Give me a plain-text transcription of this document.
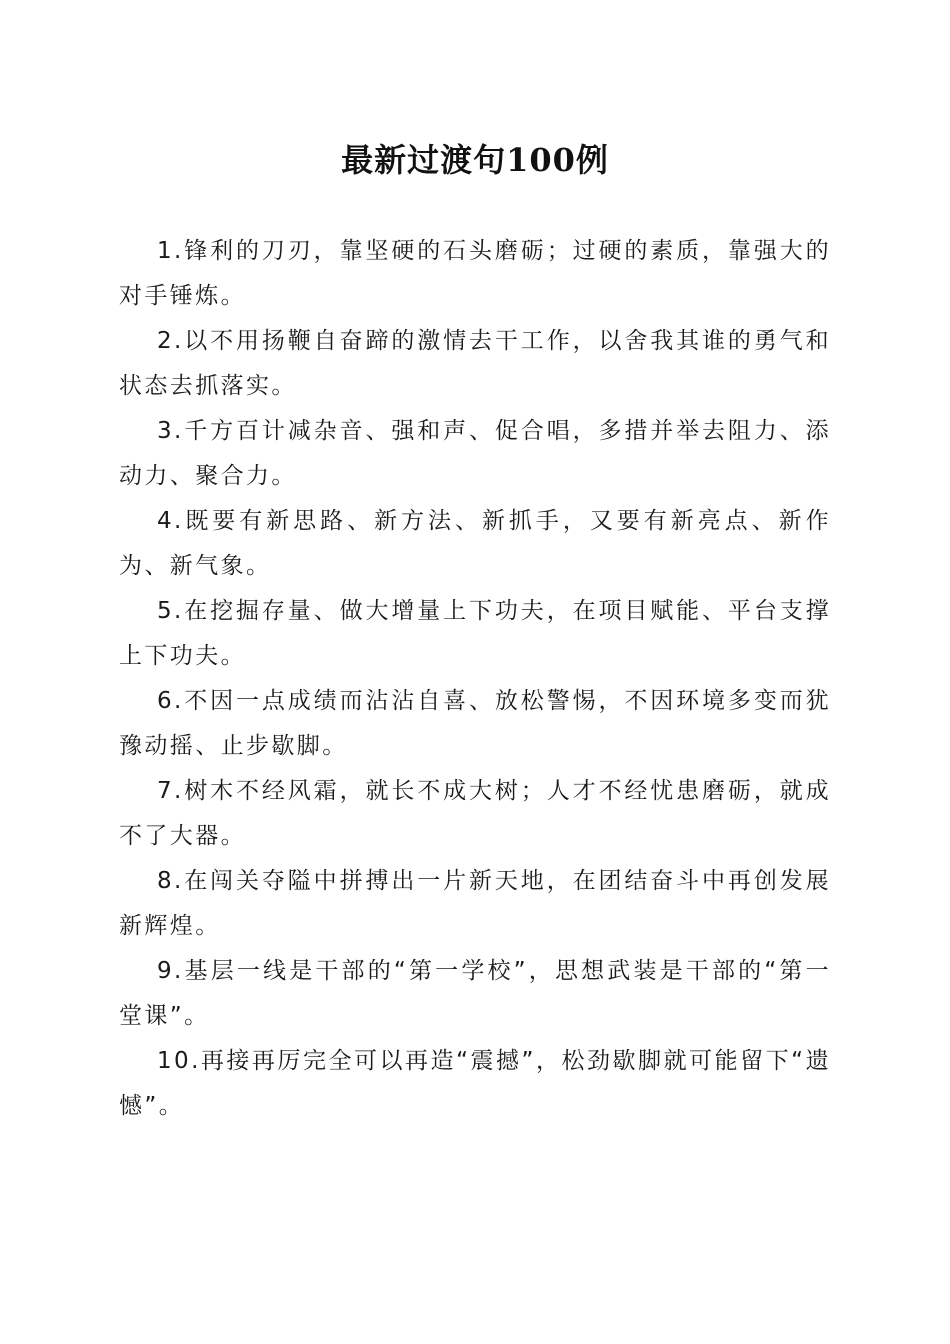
最新过渡句100例

1.锋利的刀刃，靠坚硬的石头磨砺；过硬的素质，靠强大的对手锤炼。

2.以不用扬鞭自奋蹄的激情去干工作，以舍我其谁的勇气和状态去抓落实。

3.千方百计减杂音、强和声、促合唱，多措并举去阻力、添动力、聚合力。

4.既要有新思路、新方法、新抓手，又要有新亮点、新作为、新气象。

5.在挖掘存量、做大增量上下功夫，在项目赋能、平台支撑上下功夫。

6.不因一点成绩而沾沾自喜、放松警惕，不因环境多变而犹豫动摇、止步歇脚。

7.树木不经风霜，就长不成大树；人才不经忧患磨砺，就成不了大器。

8.在闯关夺隘中拼搏出一片新天地，在团结奋斗中再创发展新辉煌。

9.基层一线是干部的“第一学校”，思想武装是干部的“第一堂课”。

10.再接再厉完全可以再造“震撼”，松劲歇脚就可能留下“遗憾”。
